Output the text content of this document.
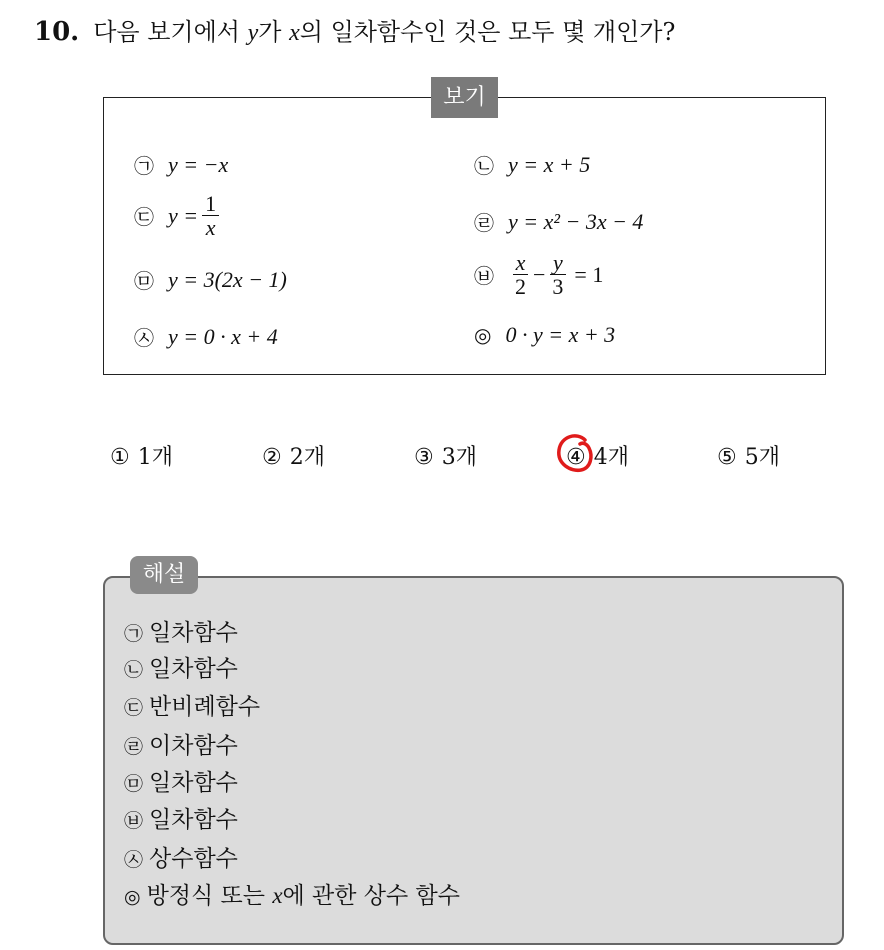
10. 다음 보기에서 y가 x의 일차함수인 것은 모두 몇 개인가?
보기
㉠ y = −x	㉡ y = x + 5
㉢ $y = \frac{1}{x}$	㉣ y = x² − 3x − 4
㉤ y = 3(2x − 1)	㉥ $\frac{x}{2} - \frac{y}{3} = 1$
㉦ y = 0 · x + 4	◎ 0 · y = x + 3
① 1개	② 2개	③ 3개	④ 4개	⑤ 5개
해설
㉠ 일차함수
㉡ 일차함수
㉢ 반비례함수
㉣ 이차함수
㉤ 일차함수
㉥ 일차함수
㉦ 상수함수
◎ 방정식 또는 x에 관한 상수 함수
